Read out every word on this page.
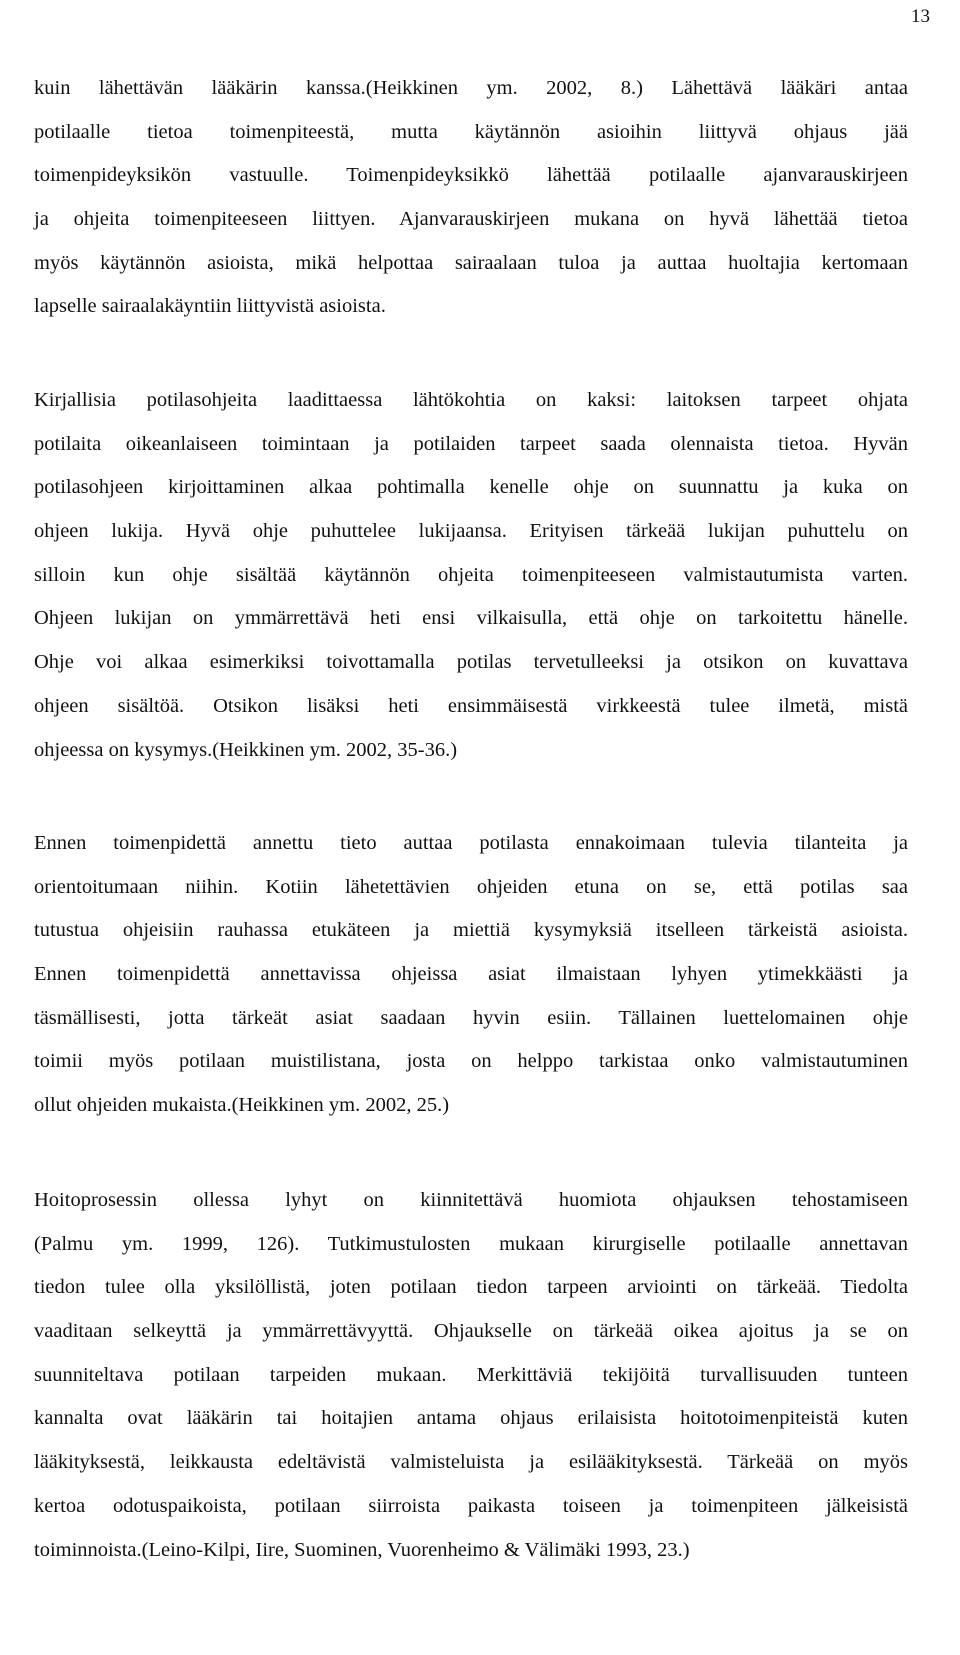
13
kuin lähettävän lääkärin kanssa.(Heikkinen ym. 2002, 8.) Lähettävä lääkäri antaa
potilaalle tietoa toimenpiteestä, mutta käytännön asioihin liittyvä ohjaus jää
toimenpideyksikön vastuulle. Toimenpideyksikkö lähettää potilaalle ajanvarauskirjeen
ja ohjeita toimenpiteeseen liittyen. Ajanvarauskirjeen mukana on hyvä lähettää tietoa
myös käytännön asioista, mikä helpottaa sairaalaan tuloa ja auttaa huoltajia kertomaan
lapselle sairaalakäyntiin liittyvistä asioista.
Kirjallisia potilasohjeita laadittaessa lähtökohtia on kaksi: laitoksen tarpeet ohjata
potilaita oikeanlaiseen toimintaan ja potilaiden tarpeet saada olennaista tietoa. Hyvän
potilasohjeen kirjoittaminen alkaa pohtimalla kenelle ohje on suunnattu ja kuka on
ohjeen lukija. Hyvä ohje puhuttelee lukijaansa. Erityisen tärkeää lukijan puhuttelu on
silloin kun ohje sisältää käytännön ohjeita toimenpiteeseen valmistautumista varten.
Ohjeen lukijan on ymmärrettävä heti ensi vilkaisulla, että ohje on tarkoitettu hänelle.
Ohje voi alkaa esimerkiksi toivottamalla potilas tervetulleeksi ja otsikon on kuvattava
ohjeen sisältöä. Otsikon lisäksi heti ensimmäisestä virkkeestä tulee ilmetä, mistä
ohjeessa on kysymys.(Heikkinen ym. 2002, 35-36.)
Ennen toimenpidettä annettu tieto auttaa potilasta ennakoimaan tulevia tilanteita ja
orientoitumaan niihin. Kotiin lähetettävien ohjeiden etuna on se, että potilas saa
tutustua ohjeisiin rauhassa etukäteen ja miettiä kysymyksiä itselleen tärkeistä asioista.
Ennen toimenpidettä annettavissa ohjeissa asiat ilmaistaan lyhyen ytimekkäästi ja
täsmällisesti, jotta tärkeät asiat saadaan hyvin esiin. Tällainen luettelomainen ohje
toimii myös potilaan muistilistana, josta on helppo tarkistaa onko valmistautuminen
ollut ohjeiden mukaista.(Heikkinen ym. 2002, 25.)
Hoitoprosessin ollessa lyhyt on kiinnitettävä huomiota ohjauksen tehostamiseen
(Palmu ym. 1999, 126). Tutkimustulosten mukaan kirurgiselle potilaalle annettavan
tiedon tulee olla yksilöllistä, joten potilaan tiedon tarpeen arviointi on tärkeää. Tiedolta
vaaditaan selkeyttä ja ymmärrettävyyttä. Ohjaukselle on tärkeää oikea ajoitus ja se on
suunniteltava potilaan tarpeiden mukaan. Merkittäviä tekijöitä turvallisuuden tunteen
kannalta ovat lääkärin tai hoitajien antama ohjaus erilaisista hoitotoimenpiteistä kuten
lääkityksestä, leikkausta edeltävistä valmisteluista ja esilääkityksestä. Tärkeää on myös
kertoa odotuspaikoista, potilaan siirroista paikasta toiseen ja toimenpiteen jälkeisistä
toiminnoista.(Leino-Kilpi, Iire, Suominen, Vuorenheimo & Välimäki 1993, 23.)
